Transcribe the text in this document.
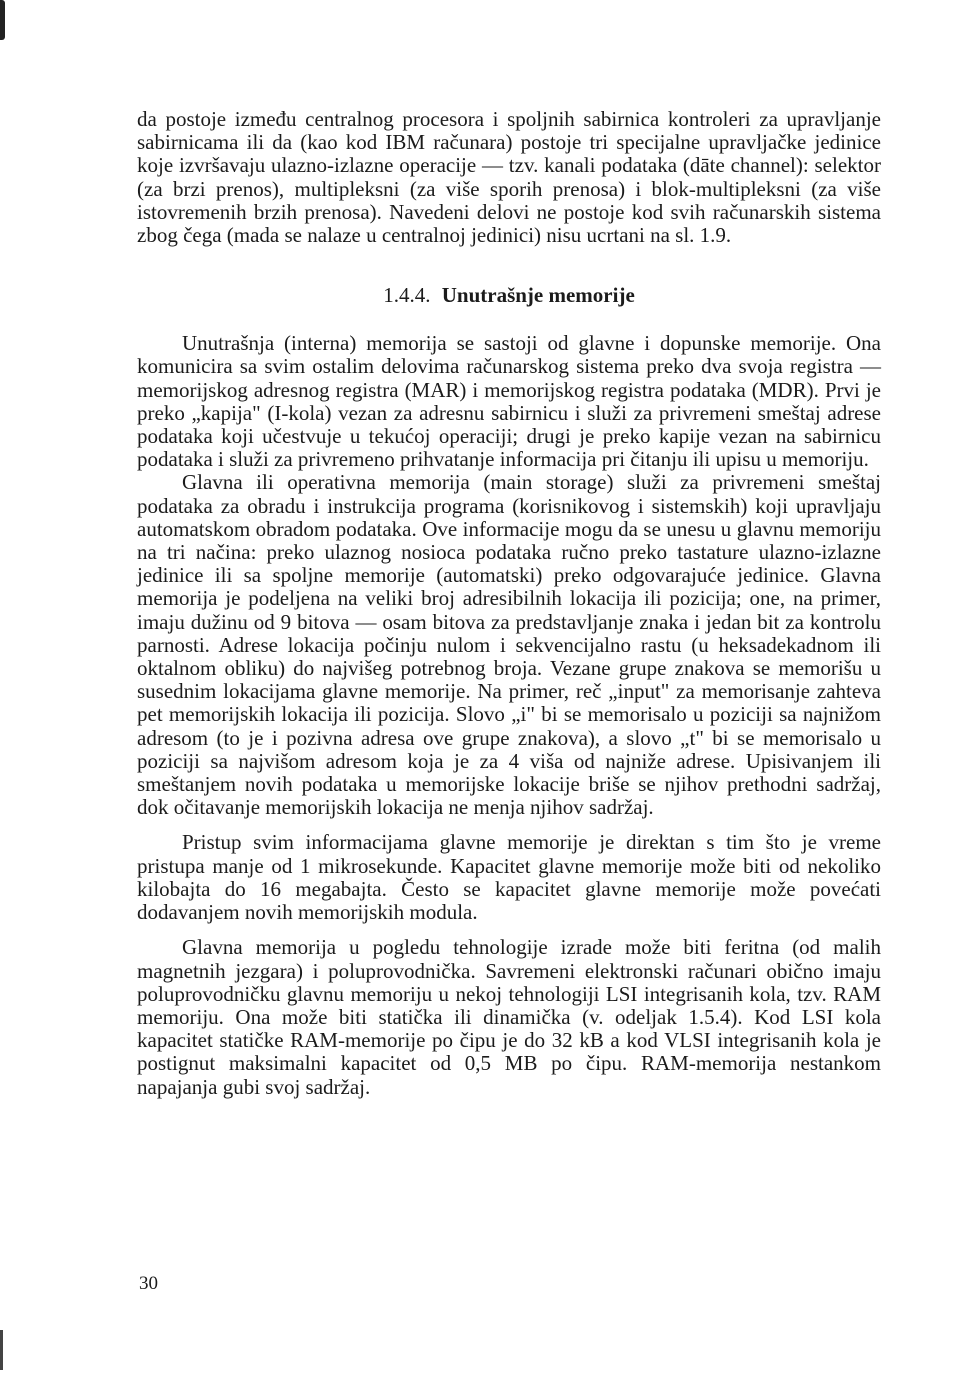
da postoje između centralnog procesora i spoljnih sabirnica kontroleri za upravljanje sabirnicama ili da (kao kod IBM računara) postoje tri specijalne upravljačke jedinice koje izvršavaju ulazno-izlazne operacije — tzv. kanali podataka (dāte channel): selektor (za brzi prenos), multipleksni (za više sporih prenosa) i blok-multipleksni (za više istovremenih brzih prenosa). Navedeni delovi ne postoje kod svih računarskih sistema zbog čega (mada se nalaze u centralnoj jedinici) nisu ucrtani na sl. 1.9.

1.4.4. Unutrašnje memorije

Unutrašnja (interna) memorija se sastoji od glavne i dopunske memorije. Ona komunicira sa svim ostalim delovima računarskog sistema preko dva svoja registra — memorijskog adresnog registra (MAR) i memorijskog registra podataka (MDR). Prvi je preko „kapija" (I-kola) vezan za adresnu sabirnicu i služi za privremeni smeštaj adrese podataka koji učestvuje u tekućoj operaciji; drugi je preko kapije vezan na sabirnicu podataka i služi za privremeno prihvatanje informacija pri čitanju ili upisu u memoriju.

Glavna ili operativna memorija (main storage) služi za privremeni smeštaj podataka za obradu i instrukcija programa (korisnikovog i sistemskih) koji upravljaju automatskom obradom podataka. Ove informacije mogu da se unesu u glavnu memoriju na tri načina: preko ulaznog nosioca podataka ručno preko tastature ulazno-izlazne jedinice ili sa spoljne memorije (automatski) preko odgovarajuće jedinice. Glavna memorija je podeljena na veliki broj adresibilnih lokacija ili pozicija; one, na primer, imaju dužinu od 9 bitova — osam bitova za predstavljanje znaka i jedan bit za kontrolu parnosti. Adrese lokacija počinju nulom i sekvencijalno rastu (u heksadekadnom ili oktalnom obliku) do najvišeg potrebnog broja. Vezane grupe znakova se memorišu u susednim lokacijama glavne memorije. Na primer, reč „input" za memorisanje zahteva pet memorijskih lokacija ili pozicija. Slovo „i" bi se memorisalo u poziciji sa najnižom adresom (to je i pozivna adresa ove grupe znakova), a slovo „t" bi se memorisalo u poziciji sa najvišom adresom koja je za 4 viša od najniže adrese. Upisivanjem ili smeštanjem novih podataka u memorijske lokacije briše se njihov prethodni sadržaj, dok očitavanje memorijskih lokacija ne menja njihov sadržaj.

Pristup svim informacijama glavne memorije je direktan s tim što je vreme pristupa manje od 1 mikrosekunde. Kapacitet glavne memorije može biti od nekoliko kilobajta do 16 megabajta. Često se kapacitet glavne memorije može povećati dodavanjem novih memorijskih modula.

Glavna memorija u pogledu tehnologije izrade može biti feritna (od malih magnetnih jezgara) i poluprovodnička. Savremeni elektronski računari obično imaju poluprovodničku glavnu memoriju u nekoj tehnologiji LSI integrisanih kola, tzv. RAM memoriju. Ona može biti statička ili dinamička (v. odeljak 1.5.4). Kod LSI kola kapacitet statičke RAM-memorije po čipu je do 32 kB a kod VLSI integrisanih kola je postignut maksimalni kapacitet od 0,5 MB po čipu. RAM-memorija nestankom napajanja gubi svoj sadržaj.

30
